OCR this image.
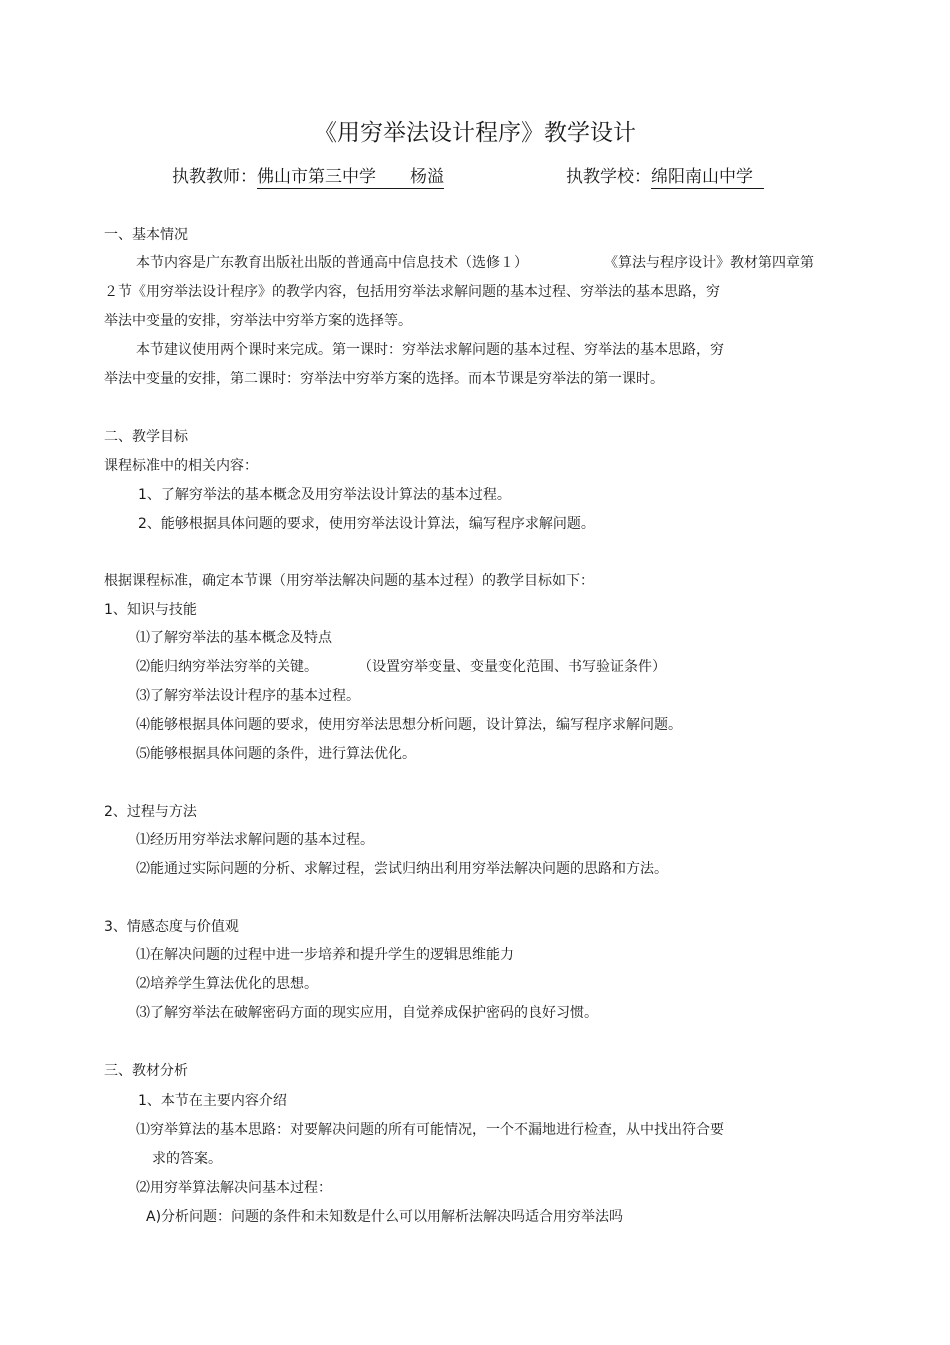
《用穷举法设计程序》教学设计
执教教师：佛山市第三中学 杨溢	执教学校：绵阳南山中学
一、基本情况
本节内容是广东教育出版社出版的普通高中信息技术（选修１）	《算法与程序设计》教材第四章第
２节《用穷举法设计程序》的教学内容，包括用穷举法求解问题的基本过程、穷举法的基本思路，穷
举法中变量的安排，穷举法中穷举方案的选择等。
本节建议使用两个课时来完成。第一课时：穷举法求解问题的基本过程、穷举法的基本思路，穷
举法中变量的安排，第二课时：穷举法中穷举方案的选择。而本节课是穷举法的第一课时。
二、教学目标
课程标准中的相关内容：
1、了解穷举法的基本概念及用穷举法设计算法的基本过程。
2、能够根据具体问题的要求，使用穷举法设计算法，编写程序求解问题。
根据课程标准，确定本节课（用穷举法解决问题的基本过程）的教学目标如下：
1、知识与技能
⑴了解穷举法的基本概念及特点
⑵能归纳穷举法穷举的关键。	（设置穷举变量、变量变化范围、书写验证条件）
⑶了解穷举法设计程序的基本过程。
⑷能够根据具体问题的要求，使用穷举法思想分析问题，设计算法，编写程序求解问题。
⑸能够根据具体问题的条件，进行算法优化。
2、过程与方法
⑴经历用穷举法求解问题的基本过程。
⑵能通过实际问题的分析、求解过程，尝试归纳出利用穷举法解决问题的思路和方法。
3、情感态度与价值观
⑴在解决问题的过程中进一步培养和提升学生的逻辑思维能力
⑵培养学生算法优化的思想。
⑶了解穷举法在破解密码方面的现实应用，自觉养成保护密码的良好习惯。
三、教材分析
1、本节在主要内容介绍
⑴穷举算法的基本思路：对要解决问题的所有可能情况，一个不漏地进行检查，从中找出符合要
求的答案。
⑵用穷举算法解决问基本过程：
A)分析问题：问题的条件和未知数是什么可以用解析法解决吗适合用穷举法吗
